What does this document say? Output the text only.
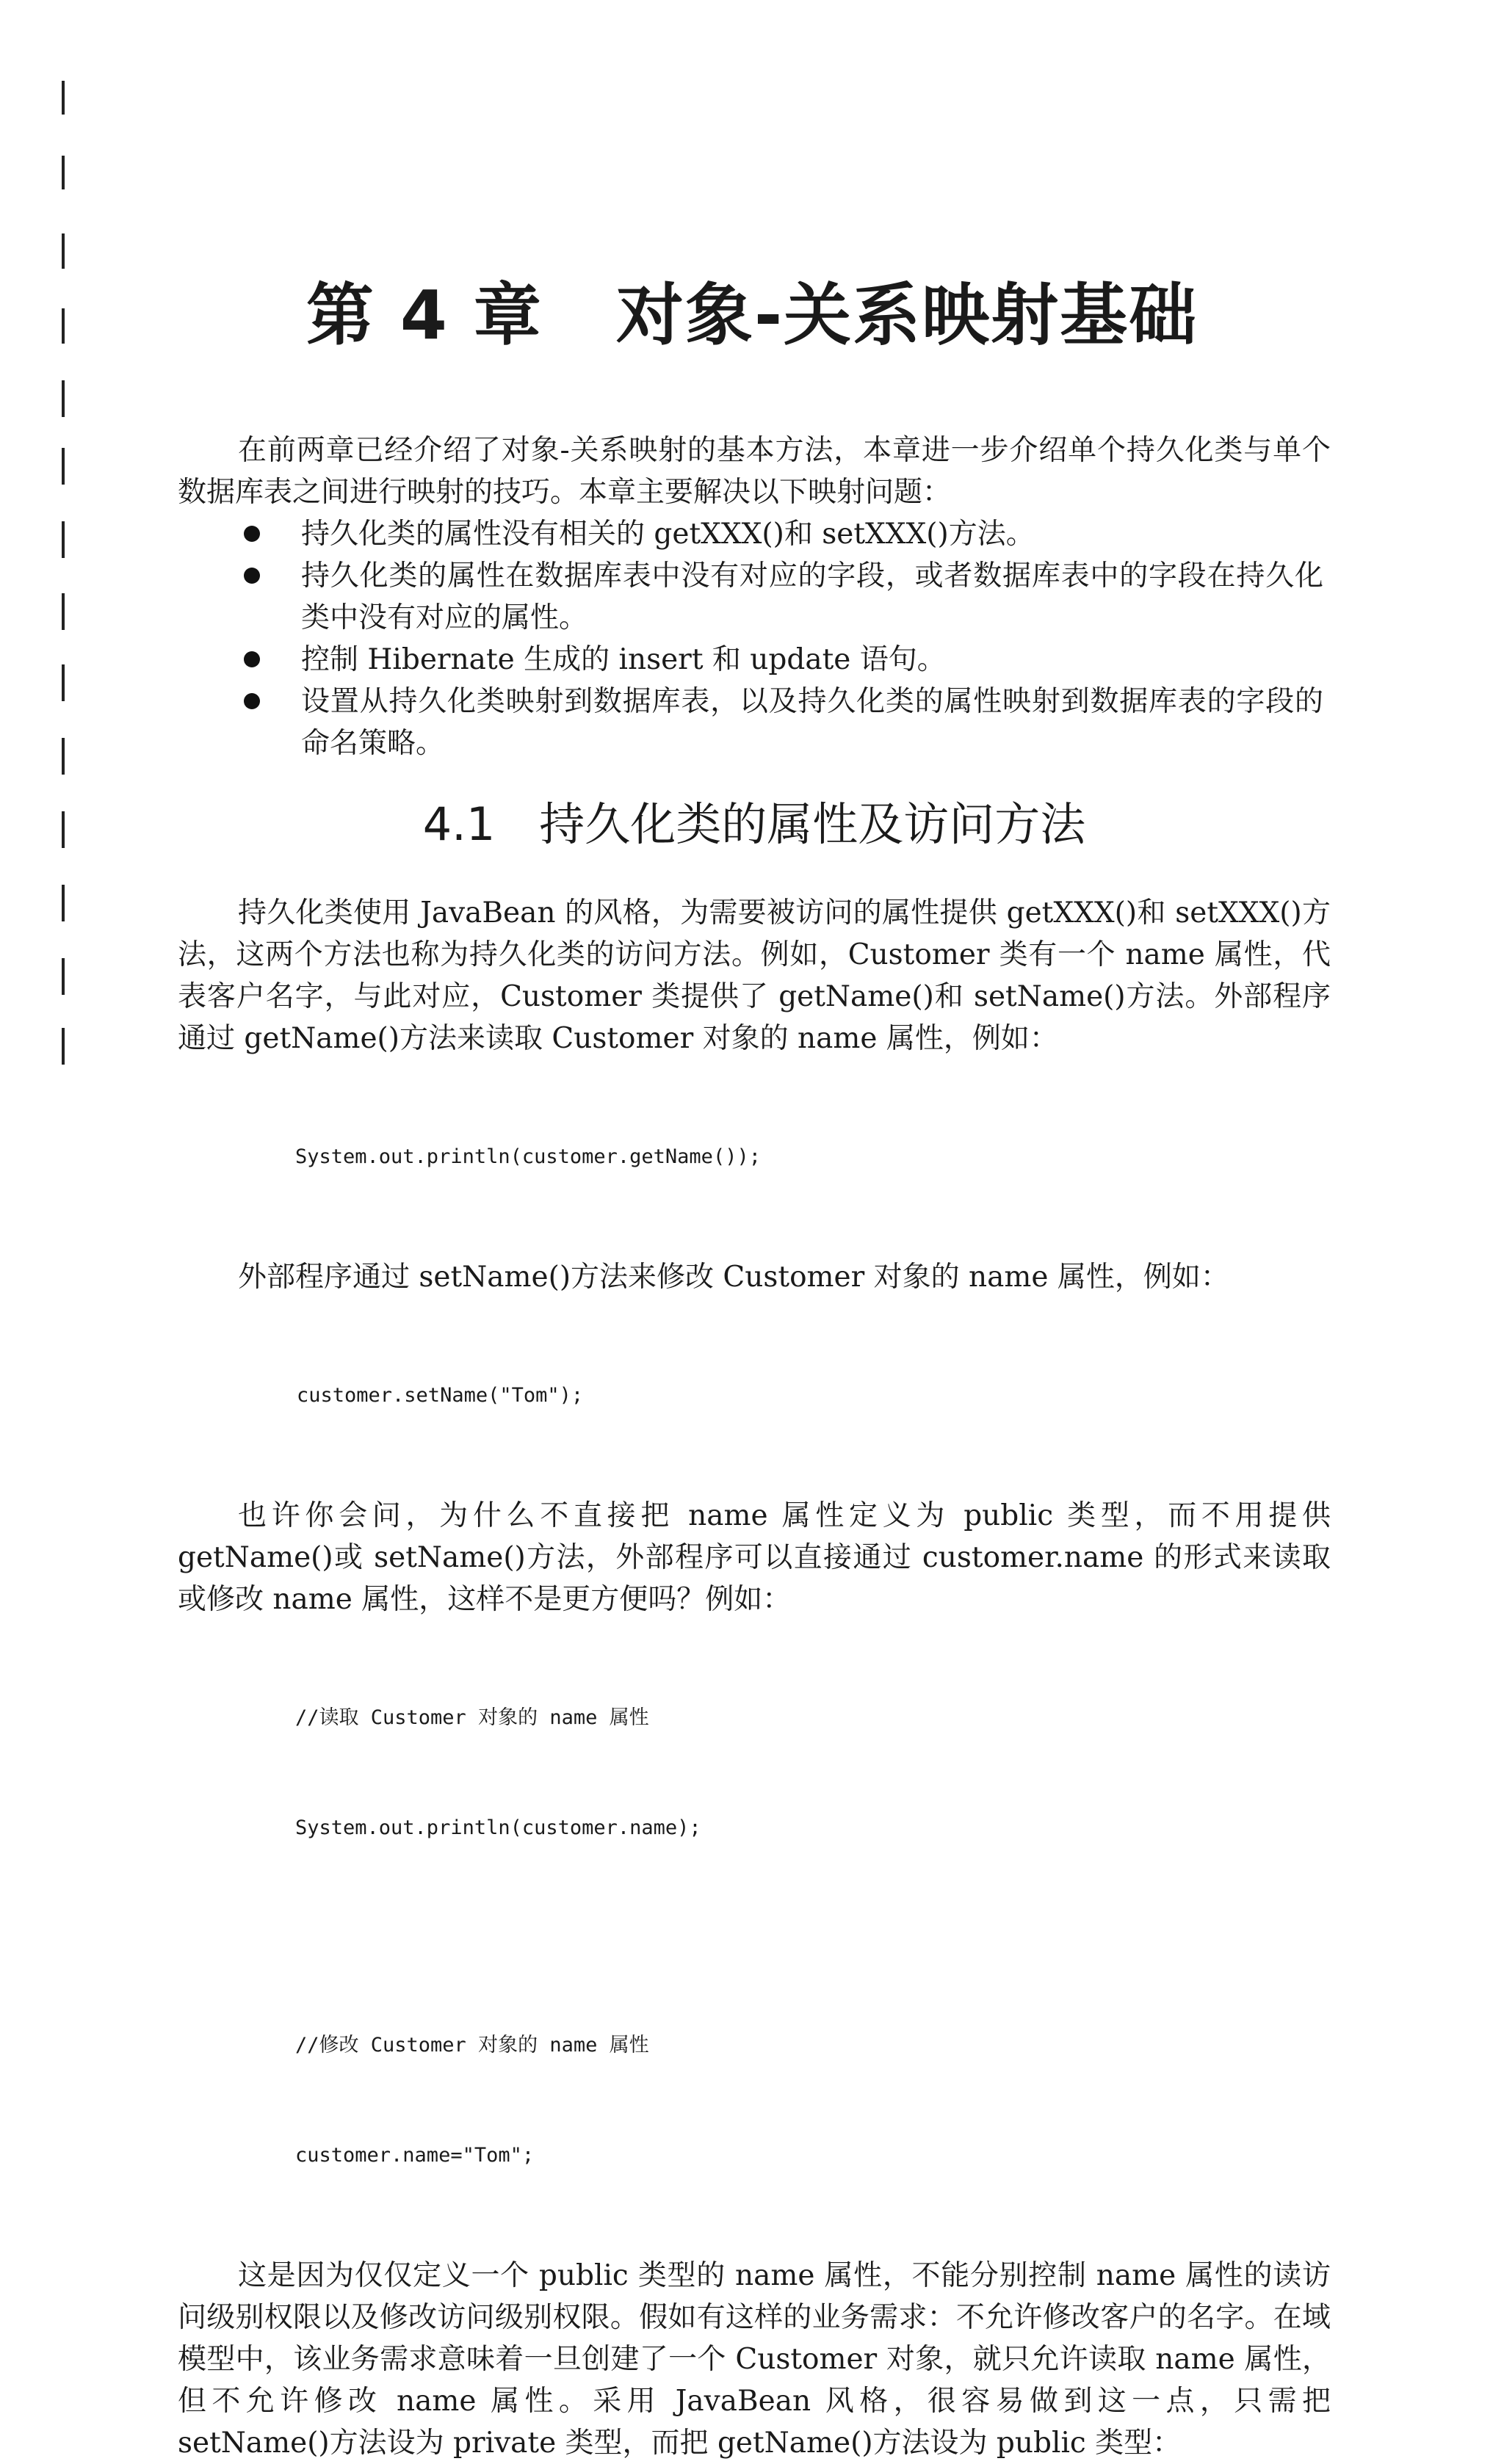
第 4 章 对象-关系映射基础

在前两章已经介绍了对象-关系映射的基本方法，本章进一步介绍单个持久化类与单个数据库表之间进行映射的技巧。本章主要解决以下映射问题：

持久化类的属性没有相关的 getXXX()和 setXXX()方法。
持久化类的属性在数据库表中没有对应的字段，或者数据库表中的字段在持久化类中没有对应的属性。
控制 Hibernate 生成的 insert 和 update 语句。
设置从持久化类映射到数据库表，以及持久化类的属性映射到数据库表的字段的命名策略。
4.1 持久化类的属性及访问方法

持久化类使用 JavaBean 的风格，为需要被访问的属性提供 getXXX()和 setXXX()方法，这两个方法也称为持久化类的访问方法。例如，Customer 类有一个 name 属性，代表客户名字，与此对应，Customer 类提供了 getName()和 setName()方法。外部程序通过 getName()方法来读取 Customer 对象的 name 属性，例如：

System.out.println(customer.getName());

外部程序通过 setName()方法来修改 Customer 对象的 name 属性，例如：

customer.setName("Tom");

也许你会问，为什么不直接把 name 属性定义为 public 类型，而不用提供 getName()或 setName()方法，外部程序可以直接通过 customer.name 的形式来读取或修改 name 属性，这样不是更方便吗？例如：

//读取 Customer 对象的 name 属性

System.out.println(customer.name);

//修改 Customer 对象的 name 属性

customer.name="Tom";

这是因为仅仅定义一个 public 类型的 name 属性，不能分别控制 name 属性的读访问级别权限以及修改访问级别权限。假如有这样的业务需求：不允许修改客户的名字。在域模型中，该业务需求意味着一旦创建了一个 Customer 对象，就只允许读取 name 属性，但不允许修改 name 属性。采用 JavaBean 风格，很容易做到这一点，只需把 setName()方法设为 private 类型，而把 getName()方法设为 public 类型：
